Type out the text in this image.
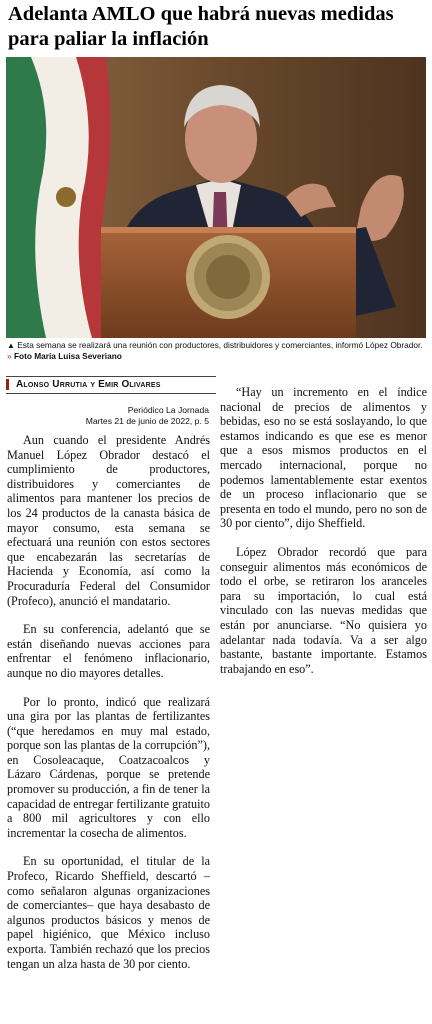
Adelanta AMLO que habrá nuevas medidas para paliar la inflación
▲ Esta semana se realizará una reunión con productores, distribuidores y comerciantes, informó López Obrador. » Foto María Luisa Severiano
Alonso Urrutia y Emir Olivares
Periódico La Jornada
Martes 21 de junio de 2022, p. 5

Aun cuando el presidente Andrés Manuel López Obrador destacó el cumplimiento de productores, distribuidores y comerciantes de alimentos para mantener los precios de los 24 productos de la canasta básica de mayor consumo, esta semana se efectuará una reunión con estos sectores que encabezarán las secretarías de Hacienda y Economía, así como la Procuraduría Federal del Consumidor (Profeco), anunció el mandatario.

En su conferencia, adelantó que se están diseñando nuevas acciones para enfrentar el fenómeno inflacionario, aunque no dio mayores detalles.

Por lo pronto, indicó que realizará una gira por las plantas de fertilizantes (“que heredamos en muy mal estado, porque son las plantas de la corrupción”), en Cosoleacaque, Coatzacoalcos y Lázaro Cárdenas, porque se pretende promover su producción, a fin de tener la capacidad de entregar fertilizante gratuito a 800 mil agricultores y con ello incrementar la cosecha de alimentos.

En su oportunidad, el titular de la Profeco, Ricardo Sheffield, descartó –como señalaron algunas organizaciones de comerciantes– que haya desabasto de algunos productos básicos y menos de papel higiénico, que México incluso exporta. También rechazó que los precios tengan un alza hasta de 30 por ciento.

“Hay un incremento en el índice nacional de precios de alimentos y bebidas, eso no se está soslayando, lo que estamos indicando es que ese es menor que a esos mismos productos en el mercado internacional, porque no podemos lamentablemente estar exentos de un proceso inflacionario que se presenta en todo el mundo, pero no son de 30 por ciento”, dijo Sheffield.

López Obrador recordó que para conseguir alimentos más económicos de todo el orbe, se retiraron los aranceles para su importación, lo cual está vinculado con las nuevas medidas que están por anunciarse. “No quisiera yo adelantar nada todavía. Va a ser algo bastante, bastante importante. Estamos trabajando en eso”.
